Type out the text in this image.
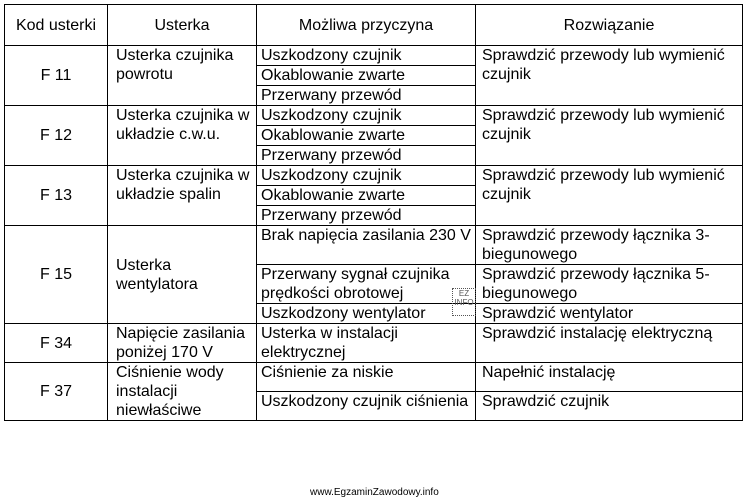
Kod usterki	Usterka	Możliwa przyczyna	Rozwiązanie
F 11	Usterka czujnika powrotu	Uszkodzony czujnik	Sprawdzić przewody lub wymienić czujnik
		Okablowanie zwarte	
		Przerwany przewód	
F 12	Usterka czujnika w układzie c.w.u.	Uszkodzony czujnik	Sprawdzić przewody lub wymienić czujnik
		Okablowanie zwarte	
		Przerwany przewód	
F 13	Usterka czujnika w układzie spalin	Uszkodzony czujnik	Sprawdzić przewody lub wymienić czujnik
		Okablowanie zwarte	
		Przerwany przewód	
F 15	Usterka wentylatora	Brak napięcia zasilania 230 V	Sprawdzić przewody łącznika 3-biegunowego
		Przerwany sygnał czujnika prędkości obrotowej	Sprawdzić przewody łącznika 5-biegunowego
		Uszkodzony wentylator	Sprawdzić wentylator
F 34	Napięcie zasilania poniżej 170 V	Usterka w instalacji elektrycznej	Sprawdzić instalację elektryczną
F 37	Ciśnienie wody instalacji niewłaściwe	Ciśnienie za niskie	Napełnić instalację
		Uszkodzony czujnik ciśnienia	Sprawdzić czujnik
EZ INFO
www.EgzaminZawodowy.info
